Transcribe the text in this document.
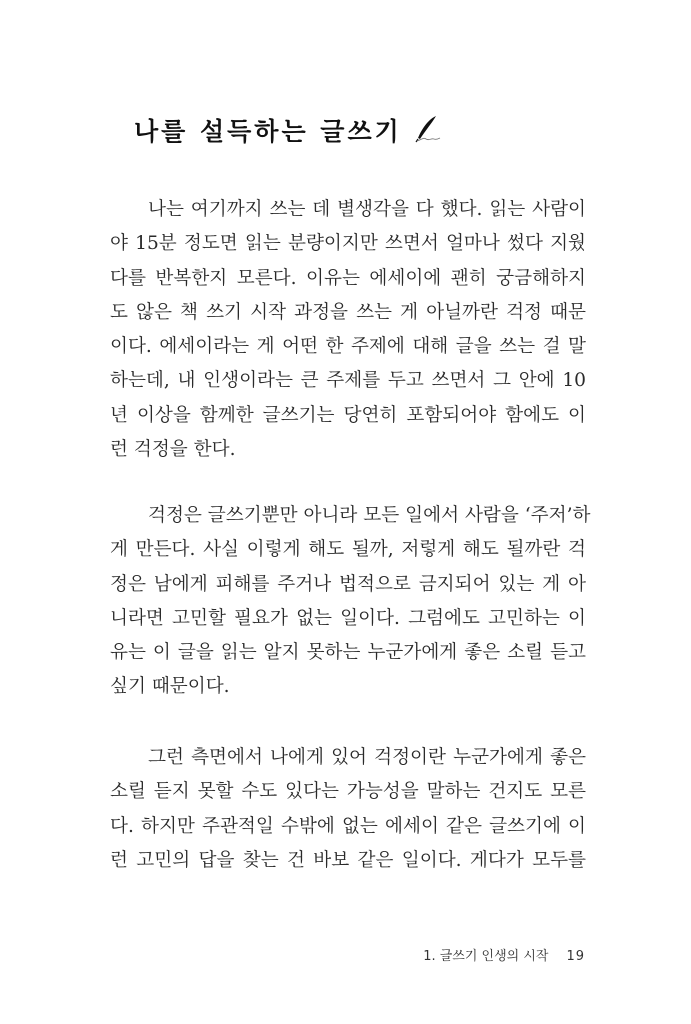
나를 설득하는 글쓰기
나는 여기까지 쓰는 데 별생각을 다 했다. 읽는 사람이
야 15분 정도면 읽는 분량이지만 쓰면서 얼마나 썼다 지웠
다를 반복한지 모른다. 이유는 에세이에 괜히 궁금해하지
도 않은 책 쓰기 시작 과정을 쓰는 게 아닐까란 걱정 때문
이다. 에세이라는 게 어떤 한 주제에 대해 글을 쓰는 걸 말
하는데, 내 인생이라는 큰 주제를 두고 쓰면서 그 안에 10
년 이상을 함께한 글쓰기는 당연히 포함되어야 함에도 이
런 걱정을 한다.
걱정은 글쓰기뿐만 아니라 모든 일에서 사람을 ‘주저’하
게 만든다. 사실 이렇게 해도 될까, 저렇게 해도 될까란 걱
정은 남에게 피해를 주거나 법적으로 금지되어 있는 게 아
니라면 고민할 필요가 없는 일이다. 그럼에도 고민하는 이
유는 이 글을 읽는 알지 못하는 누군가에게 좋은 소릴 듣고
싶기 때문이다.
그런 측면에서 나에게 있어 걱정이란 누군가에게 좋은
소릴 듣지 못할 수도 있다는 가능성을 말하는 건지도 모른
다. 하지만 주관적일 수밖에 없는 에세이 같은 글쓰기에 이
런 고민의 답을 찾는 건 바보 같은 일이다. 게다가 모두를
1. 글쓰기 인생의 시작 19
